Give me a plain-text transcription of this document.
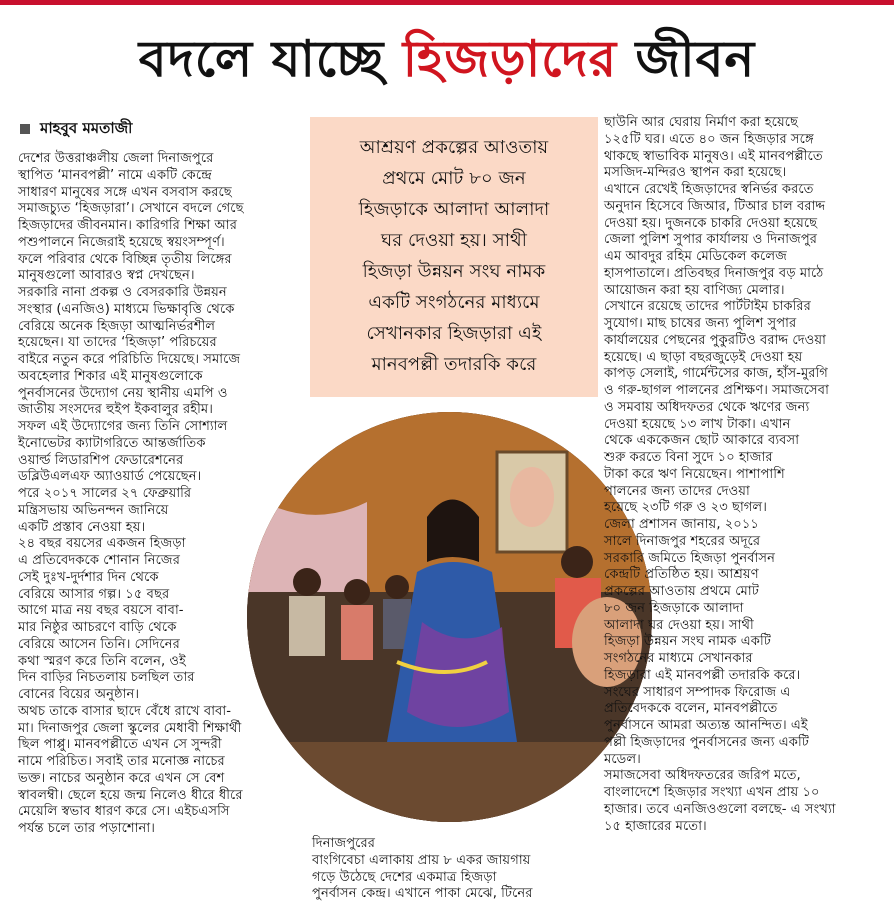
বদলে যাচ্ছে হিজড়াদের জীবন
মাহবুব মমতাজী
দেশের উত্তরাঞ্চলীয় জেলা দিনাজপুরে
স্থাপিত ‘মানবপল্লী’ নামে একটি কেন্দ্রে
সাধারণ মানুষের সঙ্গে এখন বসবাস করছে
সমাজচ্যুত ‘হিজড়ারা’। সেখানে বদলে গেছে
হিজড়াদের জীবনমান। কারিগরি শিক্ষা আর
পশুপালনে নিজেরাই হয়েছে স্বয়ংসম্পূর্ণ।
ফলে পরিবার থেকে বিচ্ছিন্ন তৃতীয় লিঙ্গের
মানুষগুলো আবারও স্বপ্ন দেখছেন।
সরকারি নানা প্রকল্প ও বেসরকারি উন্নয়ন
সংস্থার (এনজিও) মাধ্যমে ভিক্ষাবৃত্তি থেকে
বেরিয়ে অনেক হিজড়া আত্মনির্ভরশীল
হয়েছেন। যা তাদের ‘হিজড়া’ পরিচয়ের
বাইরে নতুন করে পরিচিতি দিয়েছে। সমাজে
অবহেলার শিকার এই মানুষগুলোকে
পুনর্বাসনের উদ্যোগ নেয় স্থানীয় এমপি ও
জাতীয় সংসদের হুইপ ইকবালুর রহীম।
সফল এই উদ্যোগের জন্য তিনি সোশ্যাল
ইনোভেটর ক্যাটাগরিতে আন্তর্জাতিক
ওয়ার্ল্ড লিডারশিপ ফেডারেশনের
ডব্লিউএলএফ অ্যাওয়ার্ড পেয়েছেন।
পরে ২০১৭ সালের ২৭ ফেব্রুয়ারি
মন্ত্রিসভায় অভিনন্দন জানিয়ে
একটি প্রস্তাব নেওয়া হয়।
২৪ বছর বয়সের একজন হিজড়া
এ প্রতিবেদককে শোনান নিজের
সেই দুঃখ-দুর্দশার দিন থেকে
বেরিয়ে আসার গল্প। ১৫ বছর
আগে মাত্র নয় বছর বয়সে বাবা-
মার নিষ্ঠুর আচরণে বাড়ি থেকে
বেরিয়ে আসেন তিনি। সেদিনের
কথা স্মরণ করে তিনি বলেন, ওই
দিন বাড়ির নিচতলায় চলছিল তার
বোনের বিয়ের অনুষ্ঠান।
অথচ তাকে বাসার ছাদে বেঁধে রাখে বাবা-
মা। দিনাজপুর জেলা স্কুলের মেধাবী শিক্ষার্থী
ছিল পাপ্পু। মানবপল্লীতে এখন সে সুন্দরী
নামে পরিচিত। সবাই তার মনোজ্ঞ নাচের
ভক্ত। নাচের অনুষ্ঠান করে এখন সে বেশ
স্বাবলম্বী। ছেলে হয়ে জন্ম নিলেও ধীরে ধীরে
মেয়েলি স্বভাব ধারণ করে সে। এইচএসসি
পর্যন্ত চলে তার পড়াশোনা।
আশ্রয়ণ প্রকল্পের আওতায়
প্রথমে মোট ৮০ জন
হিজড়াকে আলাদা আলাদা
ঘর দেওয়া হয়। সাথী
হিজড়া উন্নয়ন সংঘ নামক
একটি সংগঠনের মাধ্যমে
সেখানকার হিজড়ারা এই
মানবপল্লী তদারকি করে
দিনাজপুরের
বাংগিবেচা এলাকায় প্রায় ৮ একর জায়গায়
গড়ে উঠেছে দেশের একমাত্র হিজড়া
পুনর্বাসন কেন্দ্র। এখানে পাকা মেঝে, টিনের
ছাউনি আর ঘেরায় নির্মাণ করা হয়েছে
১২৫টি ঘর। এতে ৪০ জন হিজড়ার সঙ্গে
থাকছে স্বাভাবিক মানুষও। এই মানবপল্লীতে
মসজিদ-মন্দিরও স্থাপন করা হয়েছে।
এখানে রেখেই হিজড়াদের স্বনির্ভর করতে
অনুদান হিসেবে জিআর, টিআর চাল বরাদ্দ
দেওয়া হয়। দুজনকে চাকরি দেওয়া হয়েছে
জেলা পুলিশ সুপার কার্যালয় ও দিনাজপুর
এম আবদুর রহিম মেডিকেল কলেজ
হাসপাতালে। প্রতিবছর দিনাজপুর বড় মাঠে
আয়োজন করা হয় বাণিজ্য মেলার।
সেখানে রয়েছে তাদের পার্টটাইম চাকরির
সুযোগ। মাছ চাষের জন্য পুলিশ সুপার
কার্যালয়ের পেছনের পুকুরটিও বরাদ্দ দেওয়া
হয়েছে। এ ছাড়া বছরজুড়েই দেওয়া হয়
কাপড় সেলাই, গার্মেন্টসের কাজ, হাঁস-মুরগি
ও গরু-ছাগল পালনের প্রশিক্ষণ। সমাজসেবা
ও সমবায় অধিদফতর থেকে ঋণের জন্য
দেওয়া হয়েছে ১৩ লাখ টাকা। এখান
থেকে এককেজন ছোট আকারে ব্যবসা
শুরু করতে বিনা সুদে ১০ হাজার
টাকা করে ঋণ নিয়েছেন। পাশাপাশি
পালনের জন্য তাদের দেওয়া
হয়েছে ২৩টি গরু ও ২৩ ছাগল।
জেলা প্রশাসন জানায়, ২০১১
সালে দিনাজপুর শহরের অদূরে
সরকারি জমিতে হিজড়া পুনর্বাসন
কেন্দ্রটি প্রতিষ্ঠিত হয়। আশ্রয়ণ
প্রকল্পের আওতায় প্রথমে মোট
৮০ জন হিজড়াকে আলাদা
আলাদা ঘর দেওয়া হয়। সাথী
হিজড়া উন্নয়ন সংঘ নামক একটি
সংগঠনের মাধ্যমে সেখানকার
হিজড়ারা এই মানবপল্লী তদারকি করে।
সংঘের সাধারণ সম্পাদক ফিরোজ এ
প্রতিবেদককে বলেন, মানবপল্লীতে
পুনর্বাসনে আমরা অত্যন্ত আনন্দিত। এই
পল্লী হিজড়াদের পুনর্বাসনের জন্য একটি
মডেল।
সমাজসেবা অধিদফতরের জরিপ মতে,
বাংলাদেশে হিজড়ার সংখ্যা এখন প্রায় ১০
হাজার। তবে এনজিওগুলো বলছে- এ সংখ্যা
১৫ হাজারের মতো।
